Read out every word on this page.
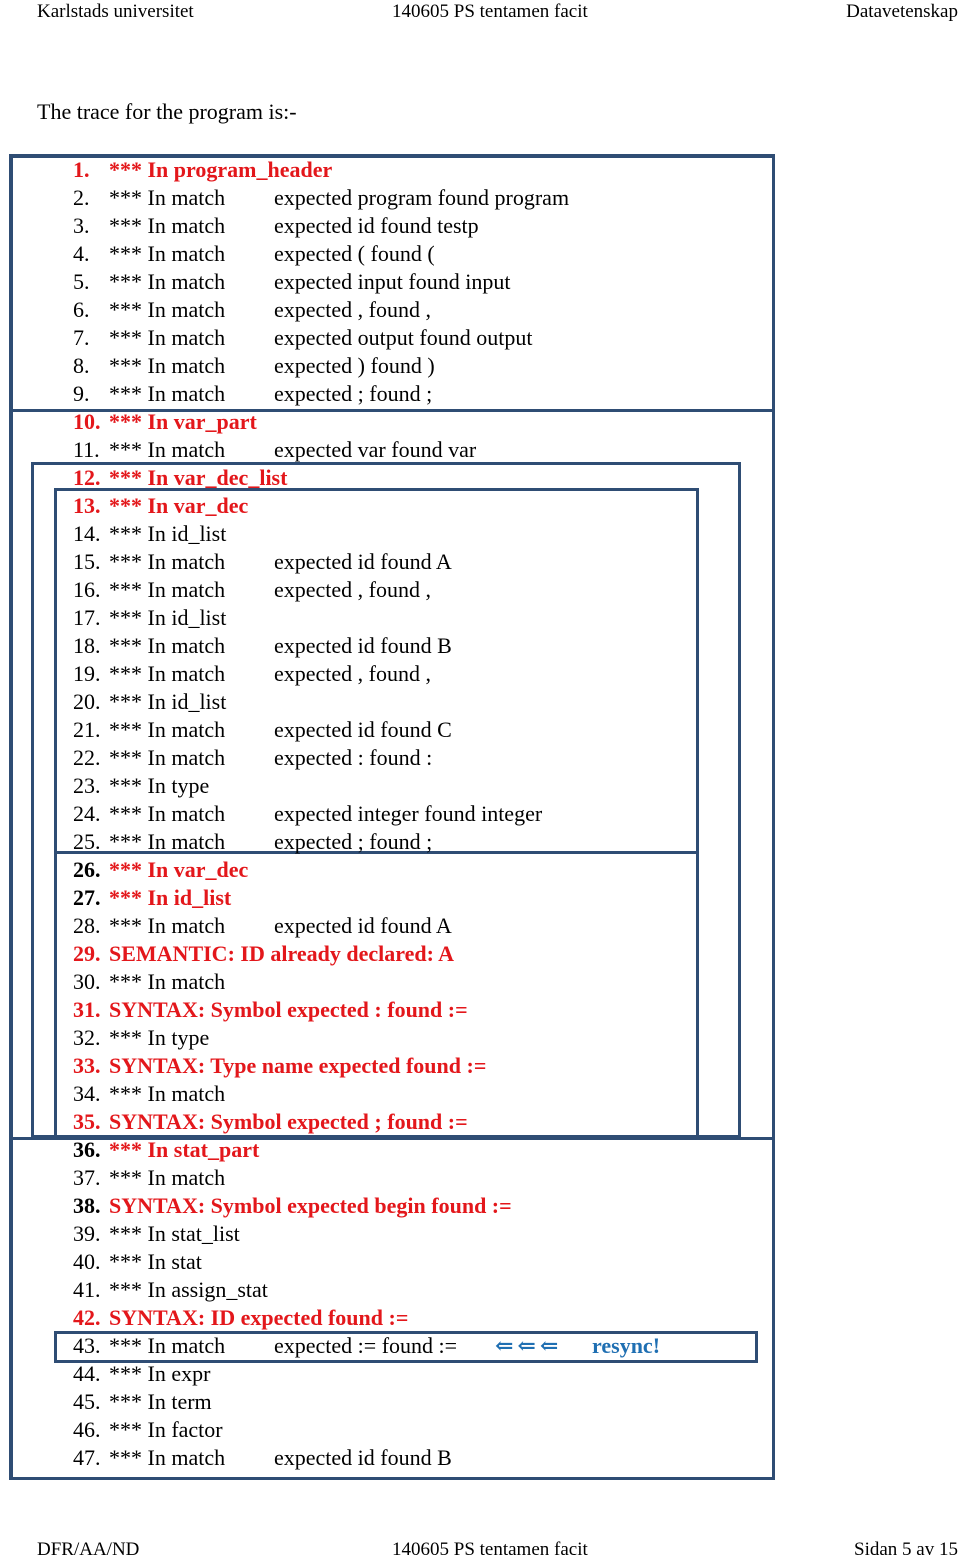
Karlstads universitet	140605 PS tentamen facit	Datavetenskap
The trace for the program is:-
1. *** In program_header
2. *** In match expected program found program
3. *** In match expected id found testp
4. *** In match expected ( found (
5. *** In match expected input found input
6. *** In match expected , found ,
7. *** In match expected output found output
8. *** In match expected ) found )
9. *** In match expected ; found ;
10. *** In var_part
11. *** In match expected var found var
12. *** In var_dec_list
13. *** In var_dec
14. *** In id_list
15. *** In match expected id found A
16. *** In match expected , found ,
17. *** In id_list
18. *** In match expected id found B
19. *** In match expected , found ,
20. *** In id_list
21. *** In match expected id found C
22. *** In match expected : found :
23. *** In type
24. *** In match expected integer found integer
25. *** In match expected ; found ;
26. *** In var_dec
27. *** In id_list
28. *** In match expected id found A
29. SEMANTIC: ID already declared: A
30. *** In match
31. SYNTAX: Symbol expected : found :=
32. *** In type
33. SYNTAX: Type name expected found :=
34. *** In match
35. SYNTAX: Symbol expected ; found :=
36. *** In stat_part
37. *** In match
38. SYNTAX: Symbol expected begin found :=
39. *** In stat_list
40. *** In stat
41. *** In assign_stat
42. SYNTAX: ID expected found :=
43. *** In match expected := found := ⇐⇐⇐ resync!
44. *** In expr
45. *** In term
46. *** In factor
47. *** In match expected id found B
DFR/AA/ND	140605 PS tentamen facit	Sidan 5 av 15
